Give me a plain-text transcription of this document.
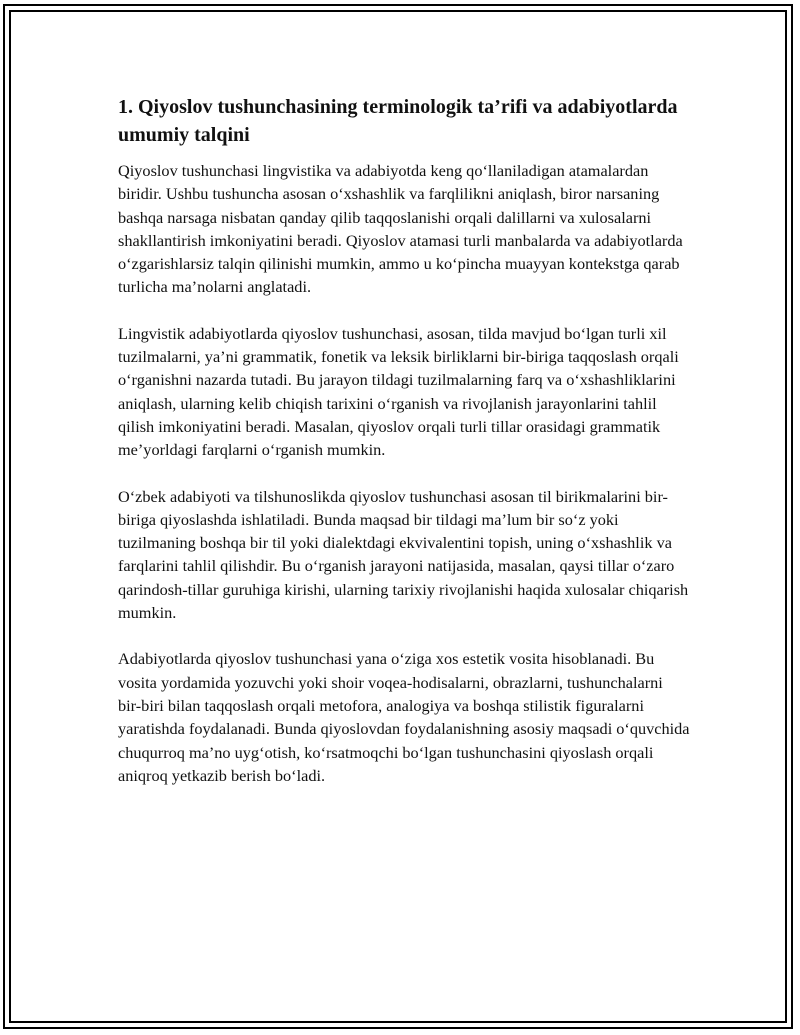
1. Qiyoslov tushunchasining terminologik ta’rifi va adabiyotlarda umumiy talqini

Qiyoslov tushunchasi lingvistika va adabiyotda keng qo‘llaniladigan atamalardan biridir. Ushbu tushuncha asosan o‘xshashlik va farqlilikni aniqlash, biror narsaning bashqa narsaga nisbatan qanday qilib taqqoslanishi orqali dalillarni va xulosalarni shakllantirish imkoniyatini beradi. Qiyoslov atamasi turli manbalarda va adabiyotlarda o‘zgarishlarsiz talqin qilinishi mumkin, ammo u ko‘pincha muayyan kontekstga qarab turlicha ma’nolarni anglatadi.

Lingvistik adabiyotlarda qiyoslov tushunchasi, asosan, tilda mavjud bo‘lgan turli xil tuzilmalarni, ya’ni grammatik, fonetik va leksik birliklarni bir-biriga taqqoslash orqali o‘rganishni nazarda tutadi. Bu jarayon tildagi tuzilmalarning farq va o‘xshashliklarini aniqlash, ularning kelib chiqish tarixini o‘rganish va rivojlanish jarayonlarini tahlil qilish imkoniyatini beradi. Masalan, qiyoslov orqali turli tillar orasidagi grammatik me’yorldagi farqlarni o‘rganish mumkin.

O‘zbek adabiyoti va tilshunoslikda qiyoslov tushunchasi asosan til birikmalarini bir-biriga qiyoslashda ishlatiladi. Bunda maqsad bir tildagi ma’lum bir so‘z yoki tuzilmaning boshqa bir til yoki dialektdagi ekvivalentini topish, uning o‘xshashlik va farqlarini tahlil qilishdir. Bu o‘rganish jarayoni natijasida, masalan, qaysi tillar o‘zaro qarindosh-tillar guruhiga kirishi, ularning tarixiy rivojlanishi haqida xulosalar chiqarish mumkin.

Adabiyotlarda qiyoslov tushunchasi yana o‘ziga xos estetik vosita hisoblanadi. Bu vosita yordamida yozuvchi yoki shoir voqea-hodisalarni, obrazlarni, tushunchalarni bir-biri bilan taqqoslash orqali metofora, analogiya va boshqa stilistik figuralarni yaratishda foydalanadi. Bunda qiyoslovdan foydalanishning asosiy maqsadi o‘quvchida chuqurroq ma’no uyg‘otish, ko‘rsatmoqchi bo‘lgan tushunchasini qiyoslash orqali aniqroq yetkazib berish bo‘ladi.
